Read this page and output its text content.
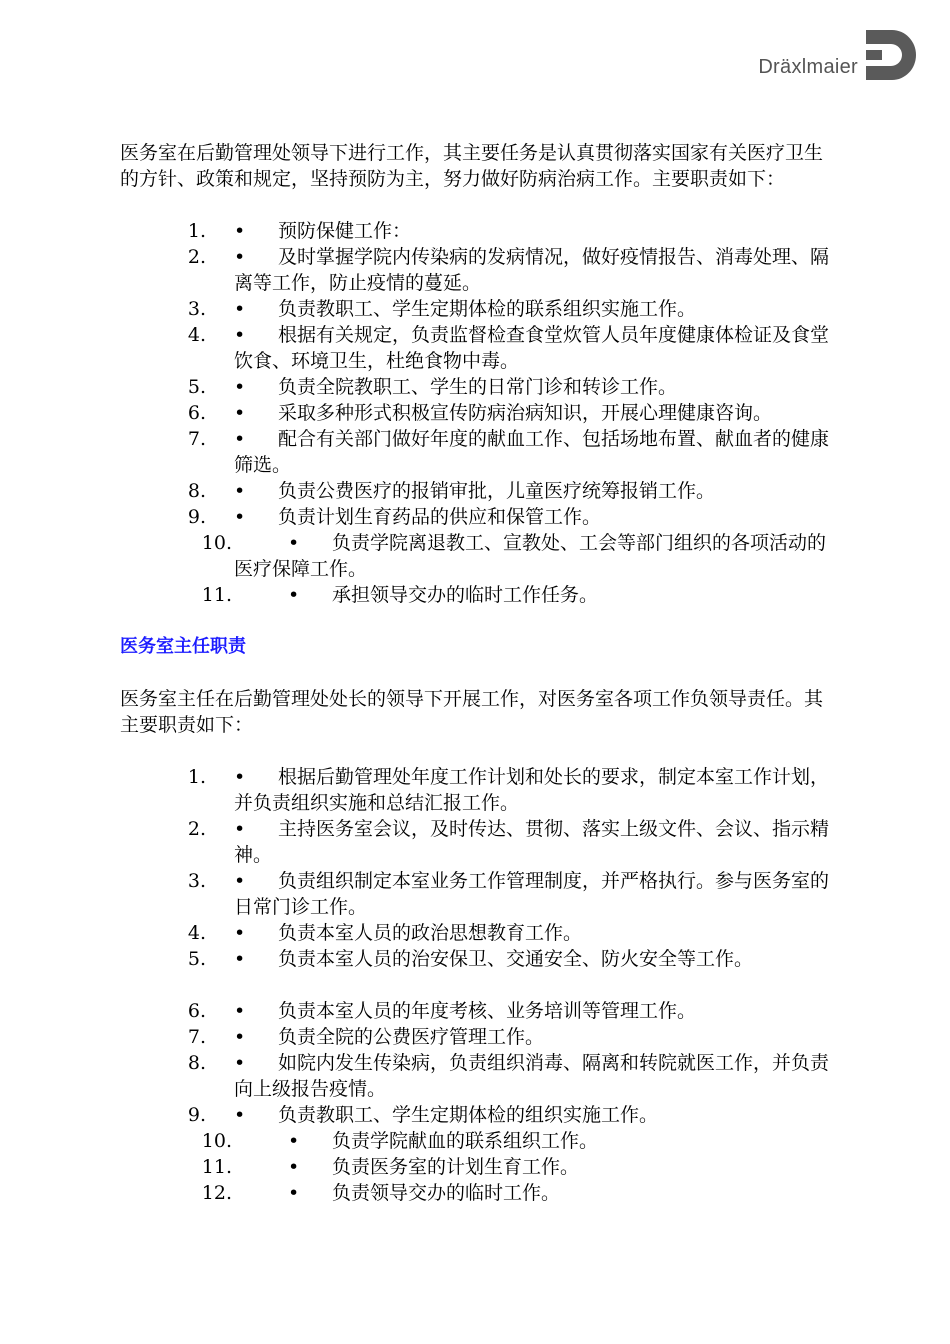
Dräxlmaier

医务室在后勤管理处领导下进行工作，其主要任务是认真贯彻落实国家有关医疗卫生的方针、政策和规定，坚持预防为主，努力做好防病治病工作。主要职责如下：

1. • 预防保健工作：
2. • 及时掌握学院内传染病的发病情况，做好疫情报告、消毒处理、隔离等工作，防止疫情的蔓延。
3. • 负责教职工、学生定期体检的联系组织实施工作。
4. • 根据有关规定，负责监督检查食堂炊管人员年度健康体检证及食堂饮食、环境卫生，杜绝食物中毒。
5. • 负责全院教职工、学生的日常门诊和转诊工作。
6. • 采取多种形式积极宣传防病治病知识，开展心理健康咨询。
7. • 配合有关部门做好年度的献血工作、包括场地布置、献血者的健康筛选。
8. • 负责公费医疗的报销审批，儿童医疗统筹报销工作。
9. • 负责计划生育药品的供应和保管工作。
10.	• 负责学院离退教工、宣教处、工会等部门组织的各项活动的医疗保障工作。
11.	• 承担领导交办的临时工作任务。

医务室主任职责

医务室主任在后勤管理处处长的领导下开展工作，对医务室各项工作负领导责任。其主要职责如下：

1. • 根据后勤管理处年度工作计划和处长的要求，制定本室工作计划，并负责组织实施和总结汇报工作。
2. • 主持医务室会议，及时传达、贯彻、落实上级文件、会议、指示精神。
3. • 负责组织制定本室业务工作管理制度，并严格执行。参与医务室的日常门诊工作。
4. • 负责本室人员的政治思想教育工作。
5. • 负责本室人员的治安保卫、交通安全、防火安全等工作。
6. • 负责本室人员的年度考核、业务培训等管理工作。
7. • 负责全院的公费医疗管理工作。
8. • 如院内发生传染病，负责组织消毒、隔离和转院就医工作，并负责向上级报告疫情。
9. • 负责教职工、学生定期体检的组织实施工作。
10.	• 负责学院献血的联系组织工作。
11.	• 负责医务室的计划生育工作。
12.	• 负责领导交办的临时工作。
